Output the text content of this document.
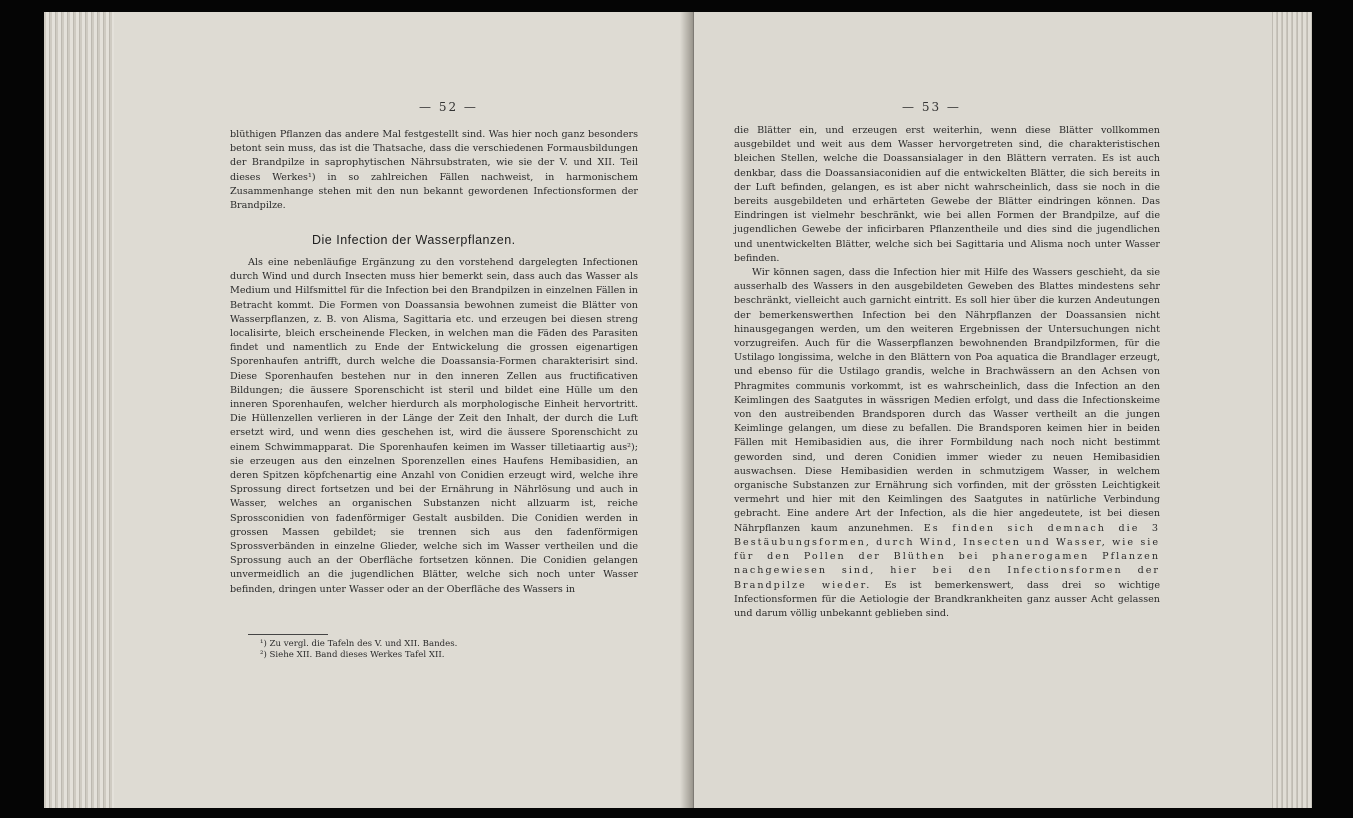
— 52 —

blüthigen Pflanzen das andere Mal festgestellt sind. Was hier noch ganz besonders betont sein muss, das ist die Thatsache, dass die verschiedenen Formausbildungen der Brandpilze in saprophytischen Nährsubstraten, wie sie der V. und XII. Teil dieses Werkes¹) in so zahlreichen Fällen nachweist, in harmonischem Zusammenhange stehen mit den nun bekannt gewordenen Infectionsformen der Brandpilze.

Die Infection der Wasserpflanzen.

Als eine nebenläufige Ergänzung zu den vorstehend dargelegten Infectionen durch Wind und durch Insecten muss hier bemerkt sein, dass auch das Wasser als Medium und Hilfsmittel für die Infection bei den Brandpilzen in einzelnen Fällen in Betracht kommt. Die Formen von Doassansia bewohnen zumeist die Blätter von Wasserpflanzen, z. B. von Alisma, Sagittaria etc. und erzeugen bei diesen streng localisirte, bleich erscheinende Flecken, in welchen man die Fäden des Parasiten findet und namentlich zu Ende der Entwickelung die grossen eigenartigen Sporenhaufen antrifft, durch welche die Doassansia-Formen charakterisirt sind. Diese Sporenhaufen bestehen nur in den inneren Zellen aus fructificativen Bildungen; die äussere Sporenschicht ist steril und bildet eine Hülle um den inneren Sporenhaufen, welcher hierdurch als morphologische Einheit hervortritt. Die Hüllenzellen verlieren in der Länge der Zeit den Inhalt, der durch die Luft ersetzt wird, und wenn dies geschehen ist, wird die äussere Sporenschicht zu einem Schwimmapparat. Die Sporenhaufen keimen im Wasser tilletiaartig aus²); sie erzeugen aus den einzelnen Sporenzellen eines Haufens Hemibasidien, an deren Spitzen köpfchenartig eine Anzahl von Conidien erzeugt wird, welche ihre Sprossung direct fortsetzen und bei der Ernährung in Nährlösung und auch in Wasser, welches an organischen Substanzen nicht allzuarm ist, reiche Sprossconidien von fadenförmiger Gestalt ausbilden. Die Conidien werden in grossen Massen gebildet; sie trennen sich aus den fadenförmigen Sprossverbänden in einzelne Glieder, welche sich im Wasser vertheilen und die Sprossung auch an der Oberfläche fortsetzen können. Die Conidien gelangen unvermeidlich an die jugendlichen Blätter, welche sich noch unter Wasser befinden, dringen unter Wasser oder an der Oberfläche des Wassers in

¹) Zu vergl. die Tafeln des V. und XII. Bandes.
²) Siehe XII. Band dieses Werkes Tafel XII.
— 53 —

die Blätter ein, und erzeugen erst weiterhin, wenn diese Blätter vollkommen ausgebildet und weit aus dem Wasser hervorgetreten sind, die charakteristischen bleichen Stellen, welche die Doassansialager in den Blättern verraten. Es ist auch denkbar, dass die Doassansiaconidien auf die entwickelten Blätter, die sich bereits in der Luft befinden, gelangen, es ist aber nicht wahrscheinlich, dass sie noch in die bereits ausgebildeten und erhärteten Gewebe der Blätter eindringen können. Das Eindringen ist vielmehr beschränkt, wie bei allen Formen der Brandpilze, auf die jugendlichen Gewebe der inficirbaren Pflanzentheile und dies sind die jugendlichen und unentwickelten Blätter, welche sich bei Sagittaria und Alisma noch unter Wasser befinden.

Wir können sagen, dass die Infection hier mit Hilfe des Wassers geschieht, da sie ausserhalb des Wassers in den ausgebildeten Geweben des Blattes mindestens sehr beschränkt, vielleicht auch garnicht eintritt. Es soll hier über die kurzen Andeutungen der bemerkenswerthen Infection bei den Nährpflanzen der Doassansien nicht hinausgegangen werden, um den weiteren Ergebnissen der Untersuchungen nicht vorzugreifen. Auch für die Wasserpflanzen bewohnenden Brandpilzformen, für die Ustilago longissima, welche in den Blättern von Poa aquatica die Brandlager erzeugt, und ebenso für die Ustilago grandis, welche in Brachwässern an den Achsen von Phragmites communis vorkommt, ist es wahrscheinlich, dass die Infection an den Keimlingen des Saatgutes in wässrigen Medien erfolgt, und dass die Infectionskeime von den austreibenden Brandsporen durch das Wasser vertheilt an die jungen Keimlinge gelangen, um diese zu befallen. Die Brandsporen keimen hier in beiden Fällen mit Hemibasidien aus, die ihrer Formbildung nach noch nicht bestimmt geworden sind, und deren Conidien immer wieder zu neuen Hemibasidien auswachsen. Diese Hemibasidien werden in schmutzigem Wasser, in welchem organische Substanzen zur Ernährung sich vorfinden, mit der grössten Leichtigkeit vermehrt und hier mit den Keimlingen des Saatgutes in natürliche Verbindung gebracht. Eine andere Art der Infection, als die hier angedeutete, ist bei diesen Nährpflanzen kaum anzunehmen. Es finden sich demnach die 3 Bestäubungsformen, durch Wind, Insecten und Wasser, wie sie für den Pollen der Blüthen bei phanerogamen Pflanzen nachgewiesen sind, hier bei den Infectionsformen der Brandpilze wieder. Es ist bemerkenswert, dass drei so wichtige Infectionsformen für die Aetiologie der Brandkrankheiten ganz ausser Acht gelassen und darum völlig unbekannt geblieben sind.
